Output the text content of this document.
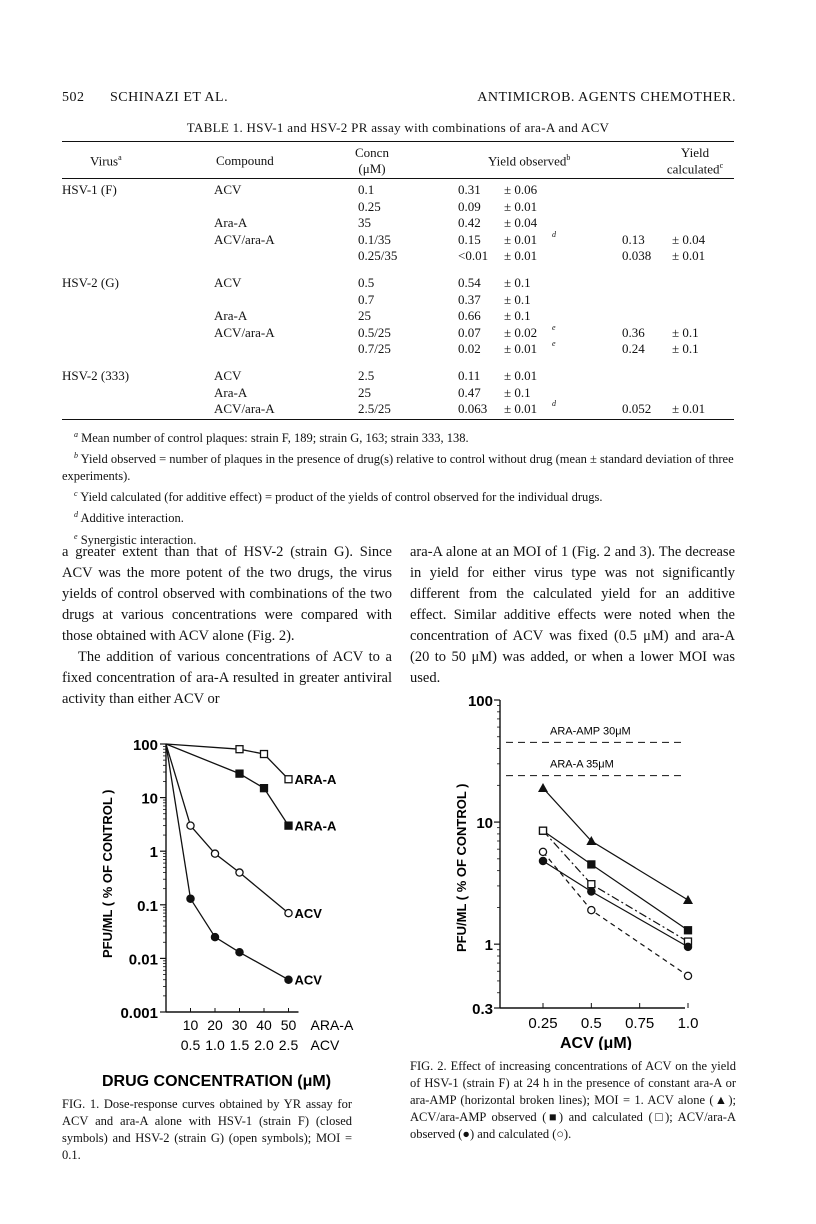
502 SCHINAZI ET AL.	ANTIMICROB. AGENTS CHEMOTHER.
TABLE 1. HSV-1 and HSV-2 PR assay with combinations of ara-A and ACV
Virus$^a$	Compound
Concn
(μM)
Yield observed$^b$	Yield
calculated$^c$
HSV-1 (F)	ACV	0.1	0.31	± 0.06
0.25	0.09	± 0.01
Ara-A	35	0.42	± 0.04
ACV/ara-A	0.1/35	0.15	± 0.01 $^d$	0.13 ± 0.04
0.25/35	<0.01	± 0.01	0.038 ± 0.01
HSV-2 (G)	ACV	0.5	0.54	± 0.1
0.7	0.37	± 0.1
Ara-A	25	0.66	± 0.1
ACV/ara-A	0.5/25	0.07	± 0.02 $^e$	0.36 ± 0.1
0.7/25	0.02	± 0.01 $^e$	0.24 ± 0.1
HSV-2 (333)	ACV	2.5	0.11	± 0.01
Ara-A	25	0.47	± 0.1
ACV/ara-A	2.5/25	0.063	± 0.01 $^d$	0.052 ± 0.01
$^a$ Mean number of control plaques: strain F, 189; strain G, 163; strain 333, 138.
$^b$ Yield observed = number of plaques in the presence of drug(s) relative to control without drug (mean ± standard deviation of three experiments).
$^c$ Yield calculated (for additive effect) = product of the yields of control observed for the individual drugs.
$^d$ Additive interaction.
$^e$ Synergistic interaction.

a greater extent than that of HSV-2 (strain G). Since ACV was the more potent of the two drugs, the virus yields of control observed with combinations of the two drugs at various concentrations were compared with those obtained with ACV alone (Fig. 2).

The addition of various concentrations of ACV to a fixed concentration of ara-A resulted in greater antiviral activity than either ACV or

ara-A alone at an MOI of 1 (Fig. 2 and 3). The decrease in yield for either virus type was not significantly different from the calculated yield for an additive effect. Similar additive effects were noted when the concentration of ACV was fixed (0.5 μM) and ara-A (20 to 50 μM) was added, or when a lower MOI was used.

0.001
0.01
0.1
1
10
100
10
0.5
20
1.0
30
1.5
40
2.0
50
2.5
ARA-A
ACV
ARA-A
ARA-A
ACV
ACV
PFU/ML ( % OF CONTROL )
DRUG CONCENTRATION (μM)
FIG. 1. Dose-response curves obtained by YR assay for ACV and ara-A alone with HSV-1 (strain F) (closed symbols) and HSV-2 (strain G) (open symbols); MOI = 0.1.
0.3
1
10
100
0.25 0.5 0.75 1.0
ARA-AMP 30μM
ARA-A 35μM
PFU/ML ( % OF CONTROL )
ACV (μM)
FIG. 2. Effect of increasing concentrations of ACV on the yield of HSV-1 (strain F) at 24 h in the presence of constant ara-A or ara-AMP (horizontal broken lines); MOI = 1. ACV alone (▲); ACV/ara-AMP observed (■) and calculated (□); ACV/ara-A observed (●) and calculated (○).
